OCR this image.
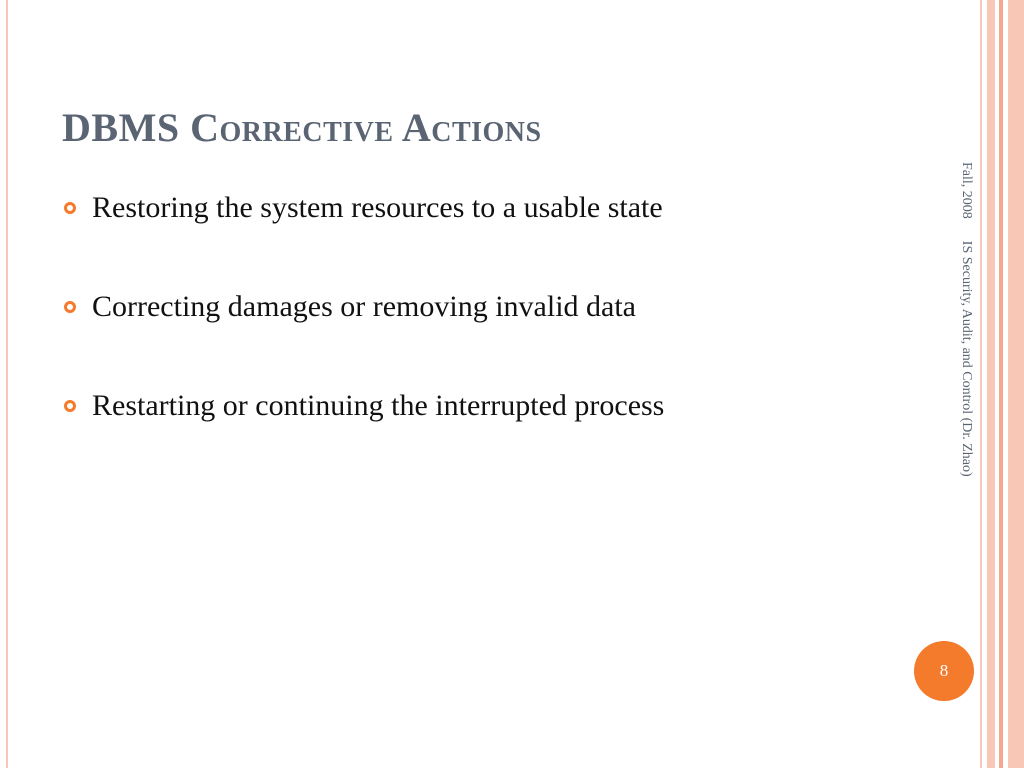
DBMS Corrective Actions
Restoring the system resources to a usable state
Correcting damages or removing invalid data
Restarting or continuing the interrupted process
Fall, 2008IS Security, Audit, and Control (Dr. Zhao)
8
